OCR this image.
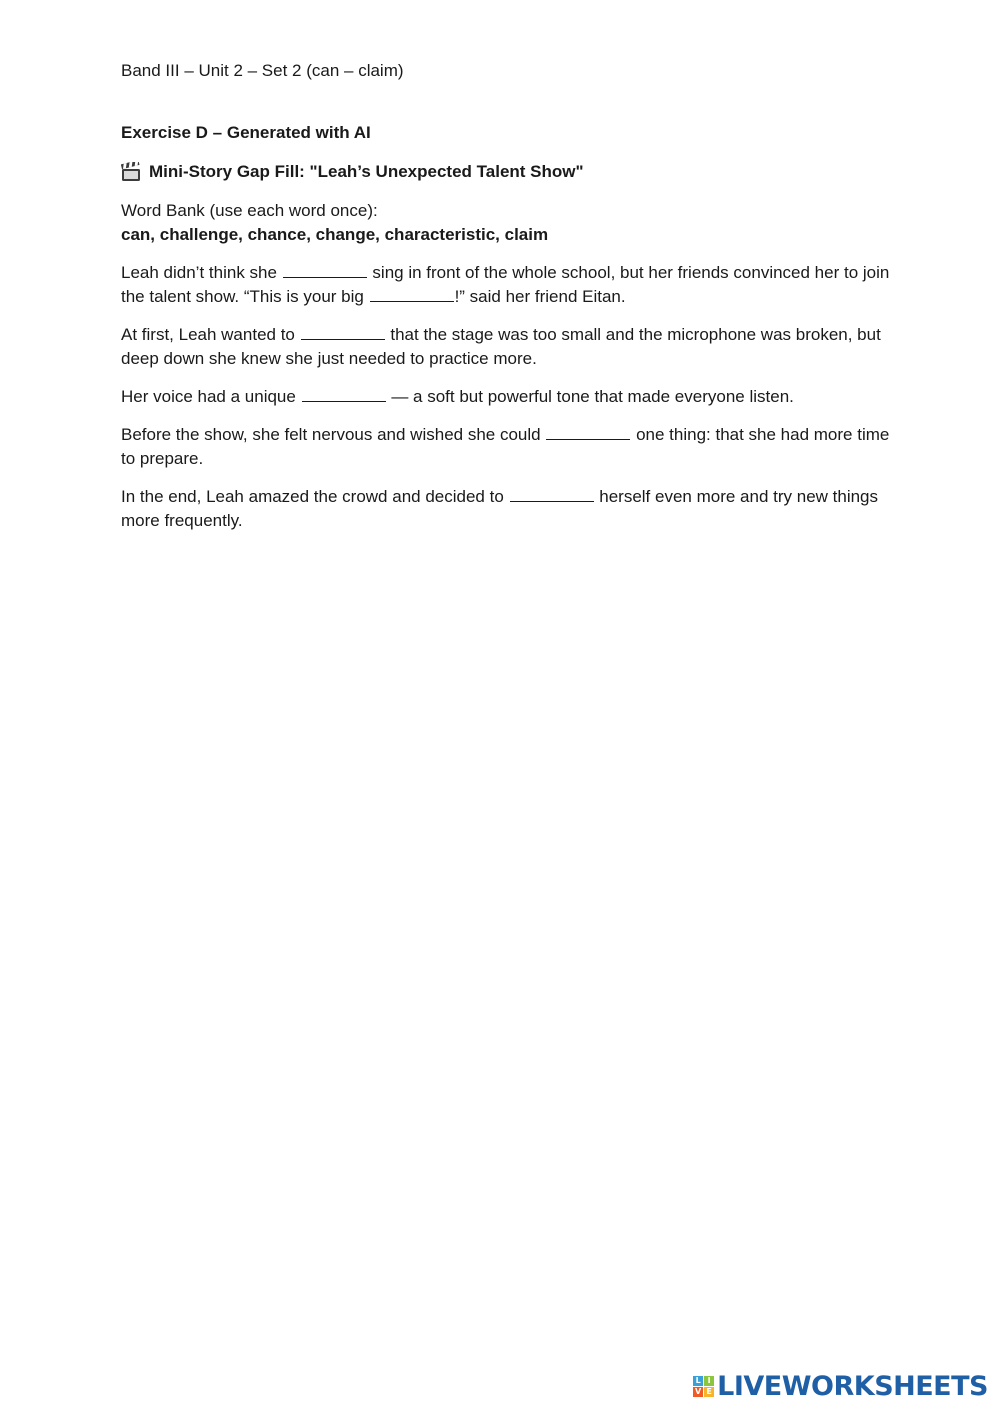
Band III – Unit 2 – Set 2 (can – claim)
Exercise D – Generated with AI
Mini-Story Gap Fill: "Leah’s Unexpected Talent Show"
Word Bank (use each word once):
can, challenge, chance, change, characteristic, claim
Leah didn’t think she	sing in front of the whole school, but her friends convinced her to join the talent show. “This is your big	!” said her friend Eitan.
At first, Leah wanted to	that the stage was too small and the microphone was broken, but deep down she knew she just needed to practice more.
Her voice had a unique	— a soft but powerful tone that made everyone listen.
Before the show, she felt nervous and wished she could	one thing: that she had more time to prepare.
In the end, Leah amazed the crowd and decided to	herself even more and try new things more frequently.
L I
V E LIVEWORKSHEETS
